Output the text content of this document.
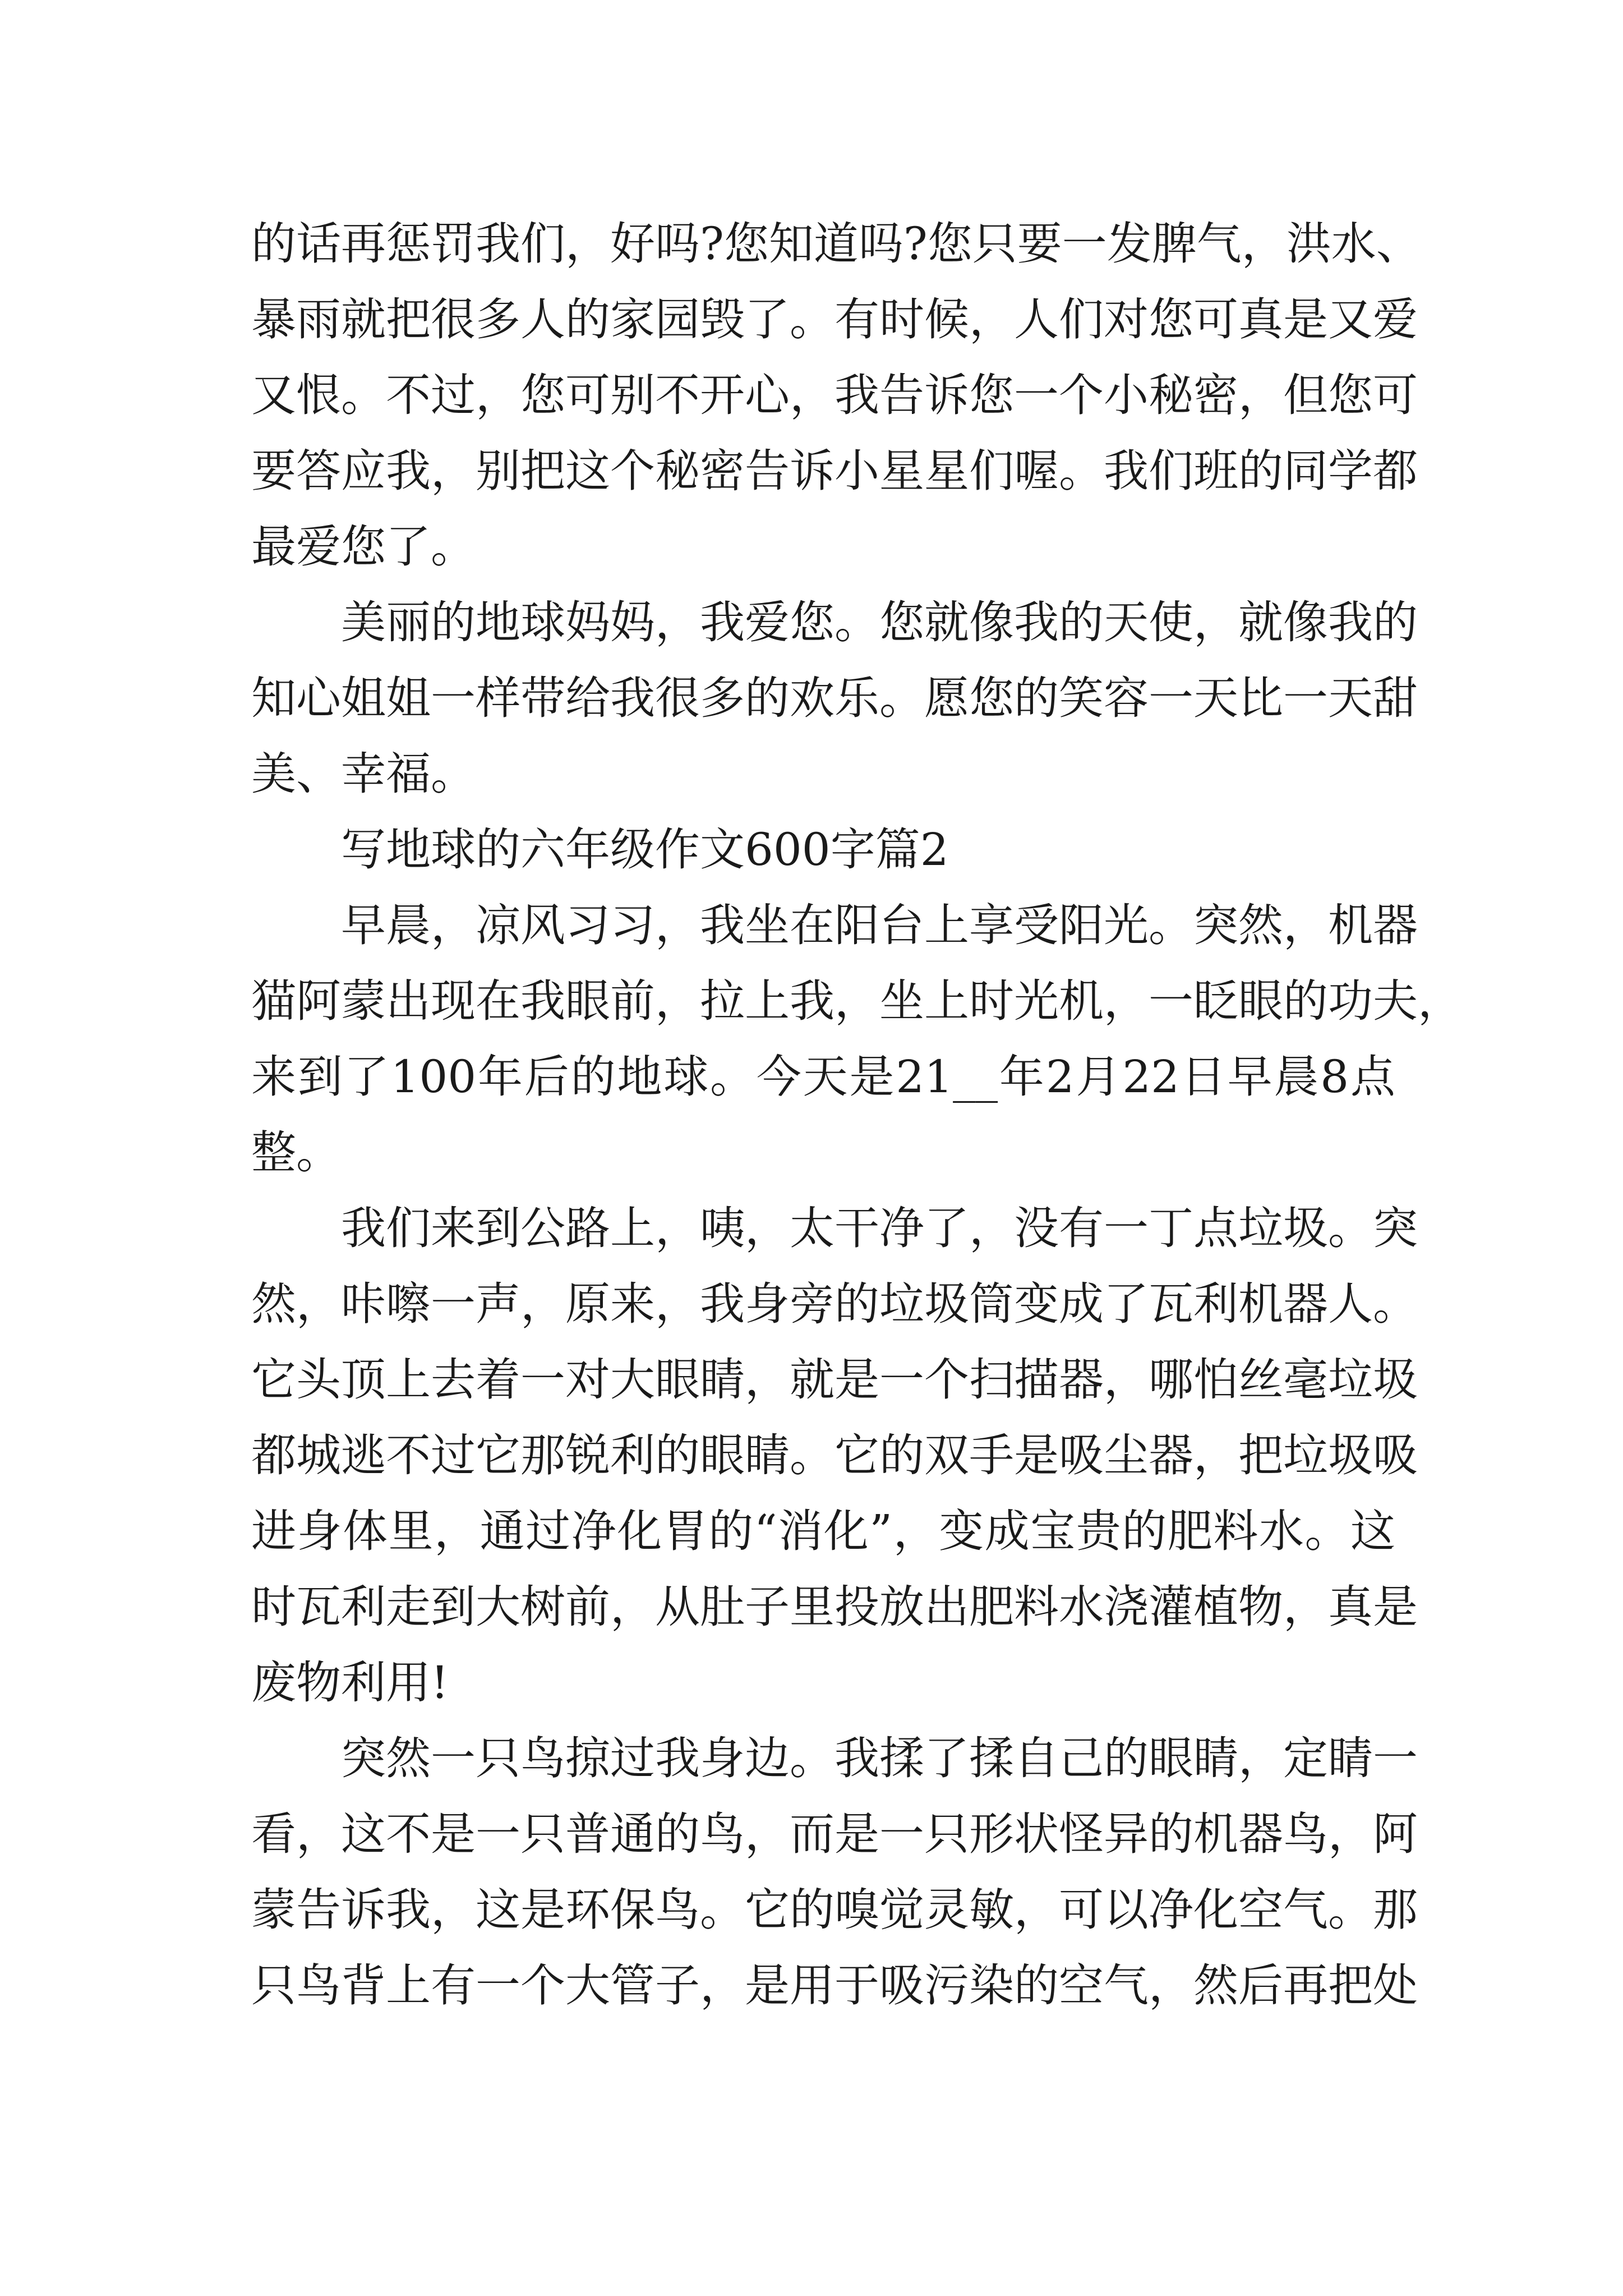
的话再惩罚我们，好吗?您知道吗?您只要一发脾气，洪水、
暴雨就把很多人的家园毁了。有时候，人们对您可真是又爱
又恨。不过，您可别不开心，我告诉您一个小秘密，但您可
要答应我，别把这个秘密告诉小星星们喔。我们班的同学都
最爱您了。
美丽的地球妈妈，我爱您。您就像我的天使，就像我的
知心姐姐一样带给我很多的欢乐。愿您的笑容一天比一天甜
美、幸福。
写地球的六年级作文600字篇2
早晨，凉风习习，我坐在阳台上享受阳光。突然，机器
猫阿蒙出现在我眼前，拉上我，坐上时光机，一眨眼的功夫，
来到了100年后的地球。今天是21__年2月22日早晨8点
整。
我们来到公路上，咦，太干净了，没有一丁点垃圾。突
然，咔嚓一声，原来，我身旁的垃圾筒变成了瓦利机器人。
它头顶上去着一对大眼睛，就是一个扫描器，哪怕丝毫垃圾
都城逃不过它那锐利的眼睛。它的双手是吸尘器，把垃圾吸
进身体里，通过净化胃的“消化”，变成宝贵的肥料水。这
时瓦利走到大树前，从肚子里投放出肥料水浇灌植物，真是
废物利用!
突然一只鸟掠过我身边。我揉了揉自己的眼睛，定睛一
看，这不是一只普通的鸟，而是一只形状怪异的机器鸟，阿
蒙告诉我，这是环保鸟。它的嗅觉灵敏，可以净化空气。那
只鸟背上有一个大管子，是用于吸污染的空气，然后再把处
